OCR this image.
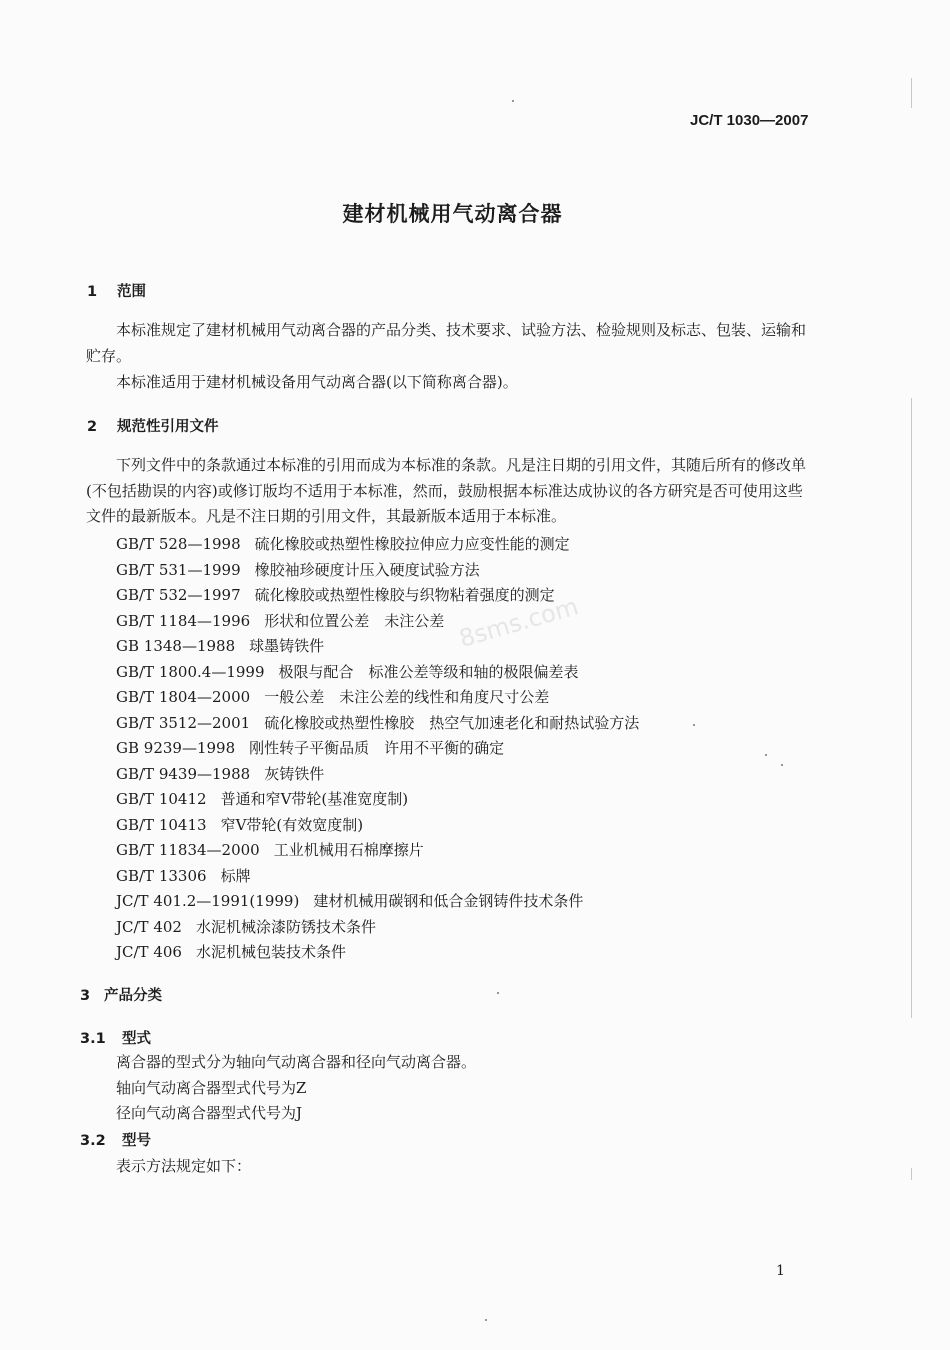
8sms.com
JC/T 1030—2007
建材机械用气动离合器
1 范围
本标准规定了建材机械用气动离合器的产品分类、技术要求、试验方法、检验规则及标志、包装、运输和贮存。
本标准适用于建材机械设备用气动离合器(以下简称离合器)。
2 规范性引用文件
下列文件中的条款通过本标准的引用而成为本标准的条款。凡是注日期的引用文件，其随后所有的修改单(不包括勘误的内容)或修订版均不适用于本标准，然而，鼓励根据本标准达成协议的各方研究是否可使用这些文件的最新版本。凡是不注日期的引用文件，其最新版本适用于本标准。
GB/T 528—1998 硫化橡胶或热塑性橡胶拉伸应力应变性能的测定
GB/T 531—1999 橡胶袖珍硬度计压入硬度试验方法
GB/T 532—1997 硫化橡胶或热塑性橡胶与织物粘着强度的测定
GB/T 1184—1996 形状和位置公差　未注公差
GB 1348—1988 球墨铸铁件
GB/T 1800.4—1999 极限与配合　标准公差等级和轴的极限偏差表
GB/T 1804—2000 一般公差　未注公差的线性和角度尺寸公差
GB/T 3512—2001 硫化橡胶或热塑性橡胶　热空气加速老化和耐热试验方法
GB 9239—1998 刚性转子平衡品质　许用不平衡的确定
GB/T 9439—1988 灰铸铁件
GB/T 10412 普通和窄V带轮(基准宽度制)
GB/T 10413 窄V带轮(有效宽度制)
GB/T 11834—2000 工业机械用石棉摩擦片
GB/T 13306 标牌
JC/T 401.2—1991(1999) 建材机械用碳钢和低合金钢铸件技术条件
JC/T 402 水泥机械涂漆防锈技术条件
JC/T 406 水泥机械包装技术条件
3 产品分类
3.1 型式
离合器的型式分为轴向气动离合器和径向气动离合器。
轴向气动离合器型式代号为Z
径向气动离合器型式代号为J
3.2 型号
表示方法规定如下：
1
